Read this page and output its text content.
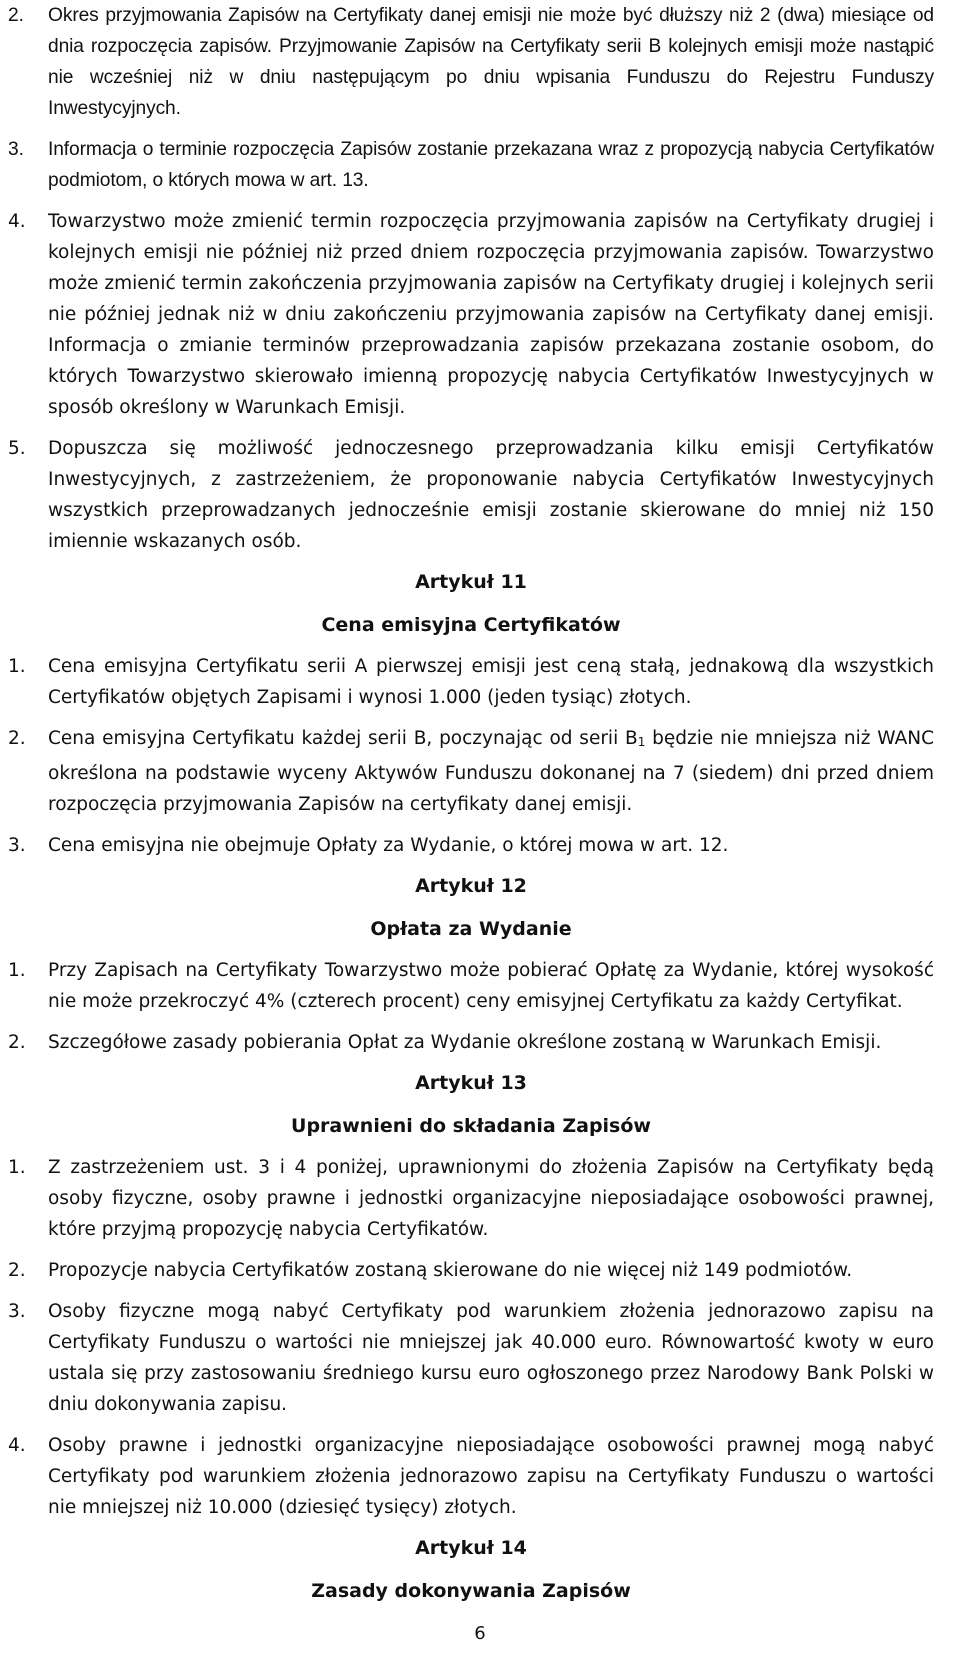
2.	Okres przyjmowania Zapisów na Certyfikaty danej emisji nie może być dłuższy niż 2 (dwa) miesiące od dnia rozpoczęcia zapisów. Przyjmowanie Zapisów na Certyfikaty serii B kolejnych emisji może nastąpić nie wcześniej niż w dniu następującym po dniu wpisania Funduszu do Rejestru Funduszy Inwestycyjnych.
3.	Informacja o terminie rozpoczęcia Zapisów zostanie przekazana wraz z propozycją nabycia Certyfikatów podmiotom, o których mowa w art. 13.
4.	Towarzystwo może zmienić termin rozpoczęcia przyjmowania zapisów na Certyfikaty drugiej i kolejnych emisji nie później niż przed dniem rozpoczęcia przyjmowania zapisów. Towarzystwo może zmienić termin zakończenia przyjmowania zapisów na Certyfikaty drugiej i kolejnych serii nie później jednak niż w dniu zakończeniu przyjmowania zapisów na Certyfikaty danej emisji. Informacja o zmianie terminów przeprowadzania zapisów przekazana zostanie osobom, do których Towarzystwo skierowało imienną propozycję nabycia Certyfikatów Inwestycyjnych w sposób określony w Warunkach Emisji.
5.	Dopuszcza się możliwość jednoczesnego przeprowadzania kilku emisji Certyfikatów Inwestycyjnych, z zastrzeżeniem, że proponowanie nabycia Certyfikatów Inwestycyjnych wszystkich przeprowadzanych jednocześnie emisji zostanie skierowane do mniej niż 150 imiennie wskazanych osób.
Artykuł 11
Cena emisyjna Certyfikatów
1.	Cena emisyjna Certyfikatu serii A pierwszej emisji jest ceną stałą, jednakową dla wszystkich Certyfikatów objętych Zapisami i wynosi 1.000 (jeden tysiąc) złotych.
2.	Cena emisyjna Certyfikatu każdej serii B, poczynając od serii $B_1$ będzie nie mniejsza niż WANC określona na podstawie wyceny Aktywów Funduszu dokonanej na 7 (siedem) dni przed dniem rozpoczęcia przyjmowania Zapisów na certyfikaty danej emisji.
3.	Cena emisyjna nie obejmuje Opłaty za Wydanie, o której mowa w art. 12.
Artykuł 12
Opłata za Wydanie
1.	Przy Zapisach na Certyfikaty Towarzystwo może pobierać Opłatę za Wydanie, której wysokość nie może przekroczyć 4% (czterech procent) ceny emisyjnej Certyfikatu za każdy Certyfikat.
2.	Szczegółowe zasady pobierania Opłat za Wydanie określone zostaną w Warunkach Emisji.
Artykuł 13
Uprawnieni do składania Zapisów
1.	Z zastrzeżeniem ust. 3 i 4 poniżej, uprawnionymi do złożenia Zapisów na Certyfikaty będą osoby fizyczne, osoby prawne i jednostki organizacyjne nieposiadające osobowości prawnej, które przyjmą propozycję nabycia Certyfikatów.
2.	Propozycje nabycia Certyfikatów zostaną skierowane do nie więcej niż 149 podmiotów.
3.	Osoby fizyczne mogą nabyć Certyfikaty pod warunkiem złożenia jednorazowo zapisu na Certyfikaty Funduszu o wartości nie mniejszej jak 40.000 euro. Równowartość kwoty w euro ustala się przy zastosowaniu średniego kursu euro ogłoszonego przez Narodowy Bank Polski w dniu dokonywania zapisu.
4.	Osoby prawne i jednostki organizacyjne nieposiadające osobowości prawnej mogą nabyć Certyfikaty pod warunkiem złożenia jednorazowo zapisu na Certyfikaty Funduszu o wartości nie mniejszej niż 10.000 (dziesięć tysięcy) złotych.
Artykuł 14
Zasady dokonywania Zapisów
6
